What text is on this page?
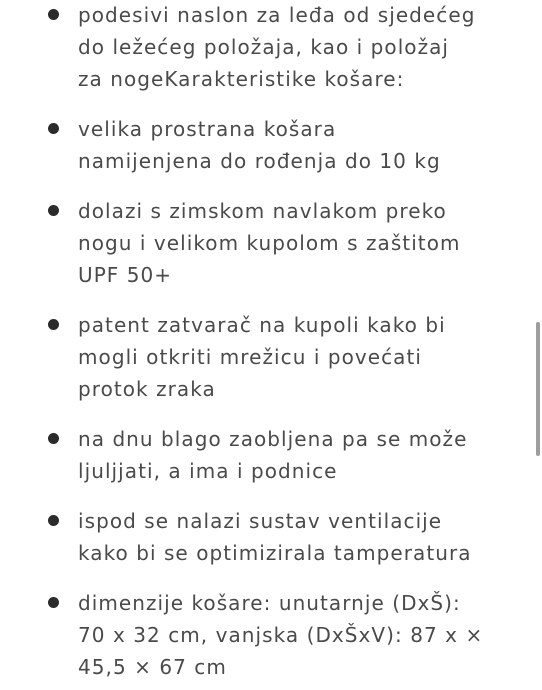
podesivi naslon za leđa od sjedećeg
do ležećeg položaja, kao i položaj
za nogeKarakteristike košare:
velika prostrana košara
namijenjena do rođenja do 10 kg
dolazi s zimskom navlakom preko
nogu i velikom kupolom s zaštitom
UPF 50+
patent zatvarač na kupoli kako bi
mogli otkriti mrežicu i povećati
protok zraka
na dnu blago zaobljena pa se može
ljuljjati, a ima i podnice
ispod se nalazi sustav ventilacije
kako bi se optimizirala tamperatura
dimenzije košare: unutarnje (DxŠ):
70 x 32 cm, vanjska (DxŠxV): 87 x ×
45,5 × 67 cm
